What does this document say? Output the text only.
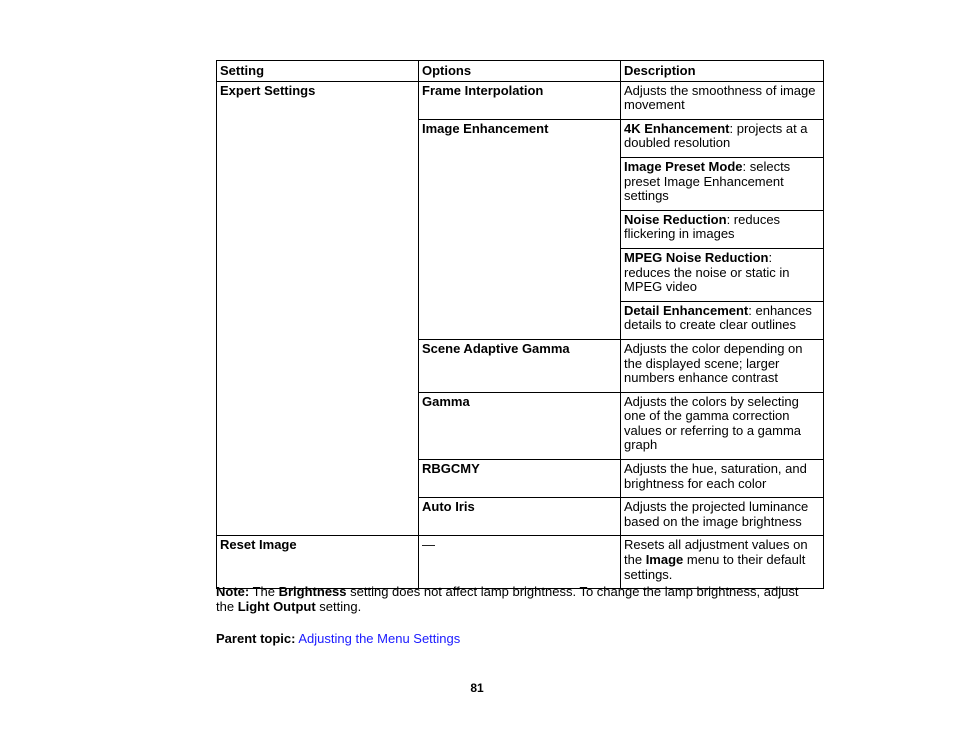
Setting	Options	Description
Expert Settings	Frame Interpolation	Adjusts the smoothness of image movement
	Image Enhancement	4K Enhancement: projects at a doubled resolution
		Image Preset Mode: selects preset Image Enhancement settings
		Noise Reduction: reduces flickering in images
		MPEG Noise Reduction: reduces the noise or static in MPEG video
		Detail Enhancement: enhances details to create clear outlines
	Scene Adaptive Gamma	Adjusts the color depending on the displayed scene; larger numbers enhance contrast
	Gamma	Adjusts the colors by selecting one of the gamma correction values or referring to a gamma graph
	RBGCMY	Adjusts the hue, saturation, and brightness for each color
	Auto Iris	Adjusts the projected luminance based on the image brightness

Reset Image	—	Resets all adjustment values on the Image menu to their default settings.
Note: The Brightness setting does not affect lamp brightness. To change the lamp brightness, adjust the Light Output setting.
Parent topic: Adjusting the Menu Settings
81
